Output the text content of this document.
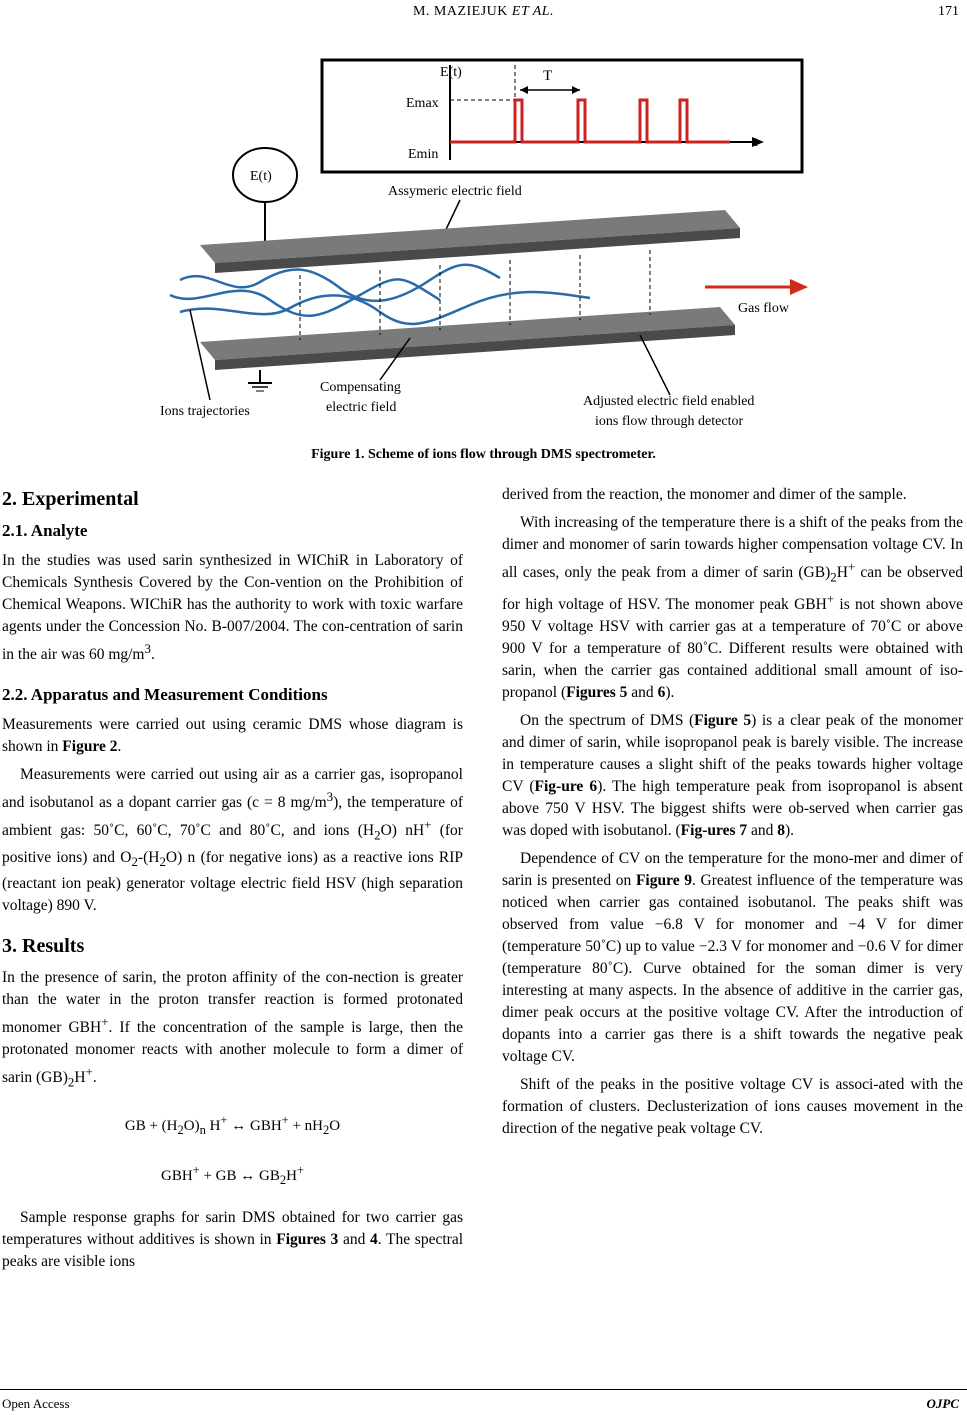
M. MAZIEJUK ET AL.	171
E(t)	T
Emax
Emin
t
E(t)
Assymeric electric field
Gas flow
Ions trajectories
Compensating
electric field	Adjusted electric field enabled
ions flow through detector
Figure 1. Scheme of ions flow through DMS spectrometer.
2. Experimental
2.1. Analyte

In the studies was used sarin synthesized in WIChiR in Laboratory of Chemicals Synthesis Covered by the Con-vention on the Prohibition of Chemical Weapons. WIChiR has the authority to work with toxic warfare agents under the Concession No. B-007/2004. The con-centration of sarin in the air was 60 $mg/m^3$.

2.2. Apparatus and Measurement Conditions

Measurements were carried out using ceramic DMS whose diagram is shown in Figure 2.

Measurements were carried out using air as a carrier gas, isopropanol and isobutanol as a dopant carrier gas (c = 8 $mg/m^3$), the temperature of ambient gas: 50˚C, 60˚C, 70˚C and 80˚C, and ions $(H_2O)$ nH+ (for positive ions) and $O_2-(H_2O)$ n (for negative ions) as a reactive ions RIP (reactant ion peak) generator voltage electric field HSV (high separation voltage) 890 V.

3. Results

In the presence of sarin, the proton affinity of the con-nection is greater than the water in the proton transfer reaction is formed protonated monomer GBH+. If the concentration of the sample is large, then the protonated monomer reacts with another molecule to form a dimer of sarin $(GB)_2H^+$.

GB + $(H_2O)_n$ H+ ↔ $GBH^+ + nH_2O$
GBH+ + GB ↔ $GB_2H^+$

Sample response graphs for sarin DMS obtained for two carrier gas temperatures without additives is shown in Figures 3 and 4. The spectral peaks are visible ions

derived from the reaction, the monomer and dimer of the sample.

With increasing of the temperature there is a shift of the peaks from the dimer and monomer of sarin towards higher compensation voltage CV. In all cases, only the peak from a dimer of sarin $(GB)_2H^+$ can be observed for high voltage of HSV. The monomer peak GBH+ is not shown above 950 V voltage HSV with carrier gas at a temperature of 70˚C or above 900 V for a temperature of 80˚C. Different results were obtained with sarin, when the carrier gas contained additional small amount of iso-propanol (Figures 5 and 6).

On the spectrum of DMS (Figure 5) is a clear peak of the monomer and dimer of sarin, while isopropanol peak is barely visible. The increase in temperature causes a slight shift of the peaks towards higher voltage CV (Fig-ure 6). The high temperature peak from isopropanol is absent above 750 V HSV. The biggest shifts were ob-served when carrier gas was doped with isobutanol. (Fig-ures 7 and 8).

Dependence of CV on the temperature for the mono-mer and dimer of sarin is presented on Figure 9. Greatest influence of the temperature was noticed when carrier gas contained isobutanol. The peaks shift was observed from value −6.8 V for monomer and −4 V for dimer (temperature 50˚C) up to value −2.3 V for monomer and −0.6 V for dimer (temperature 80˚C). Curve obtained for the soman dimer is very interesting at many aspects. In the absence of additive in the carrier gas, dimer peak occurs at the positive voltage CV. After the introduction of dopants into a carrier gas there is a shift towards the negative peak voltage CV.

Shift of the peaks in the positive voltage CV is associ-ated with the formation of clusters. Declusterization of ions causes movement in the direction of the negative peak voltage CV.

Open Access	OJPC
